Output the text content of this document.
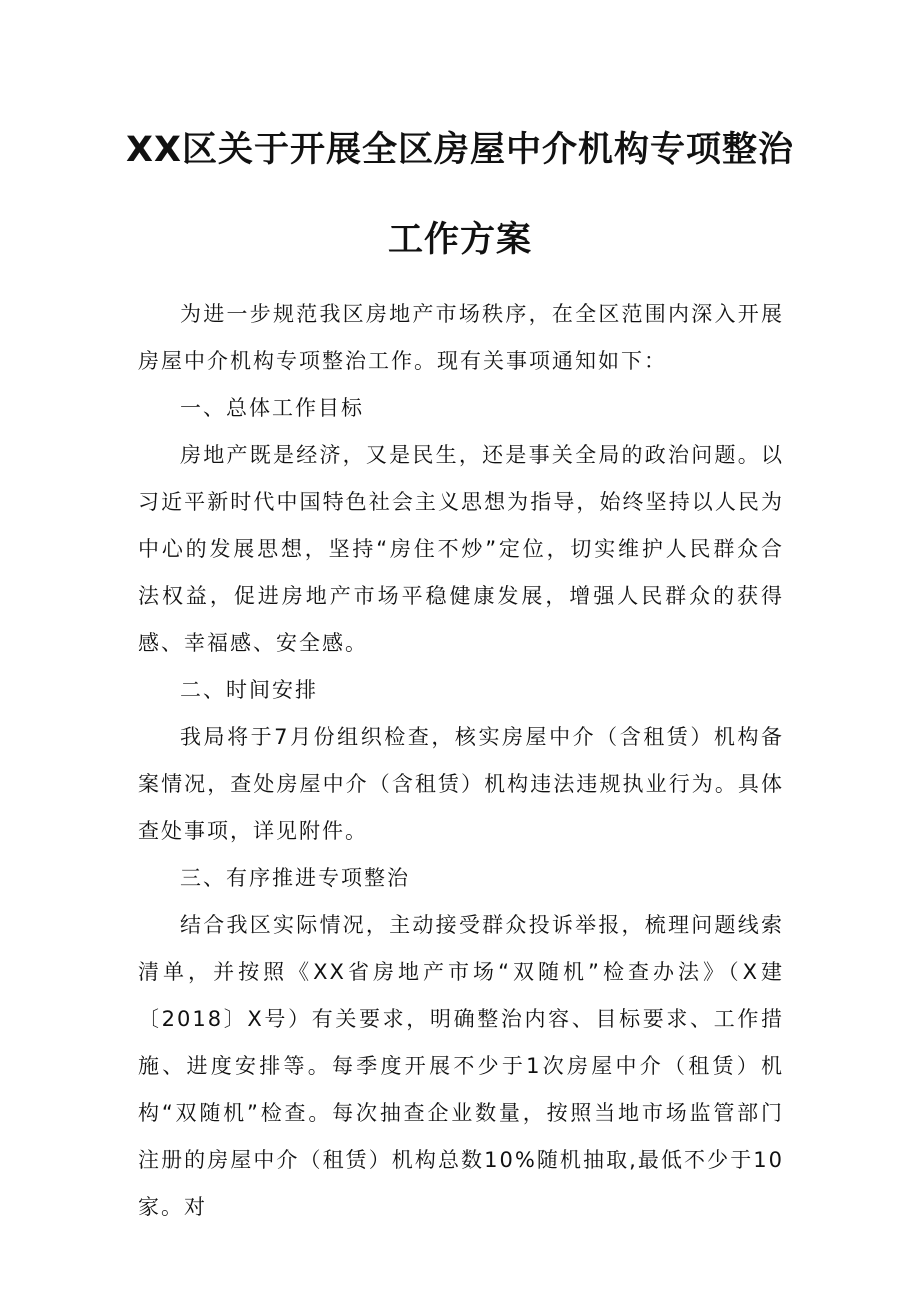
XX区关于开展全区房屋中介机构专项整治
工作方案

为进一步规范我区房地产市场秩序，在全区范围内深入开展房屋中介机构专项整治工作。现有关事项通知如下：

一、总体工作目标

房地产既是经济，又是民生，还是事关全局的政治问题。以习近平新时代中国特色社会主义思想为指导，始终坚持以人民为中心的发展思想，坚持“房住不炒”定位，切实维护人民群众合法权益，促进房地产市场平稳健康发展，增强人民群众的获得感、幸福感、安全感。

二、时间安排

我局将于7月份组织检查，核实房屋中介（含租赁）机构备案情况，查处房屋中介（含租赁）机构违法违规执业行为。具体查处事项，详见附件。

三、有序推进专项整治

结合我区实际情况，主动接受群众投诉举报，梳理问题线索清单，并按照《XX省房地产市场“双随机”检查办法》（X建〔2018〕X号）有关要求，明确整治内容、目标要求、工作措施、进度安排等。每季度开展不少于1次房屋中介（租赁）机构“双随机”检查。每次抽查企业数量，按照当地市场监管部门注册的房屋中介（租赁）机构总数10%随机抽取,最低不少于10家。对
